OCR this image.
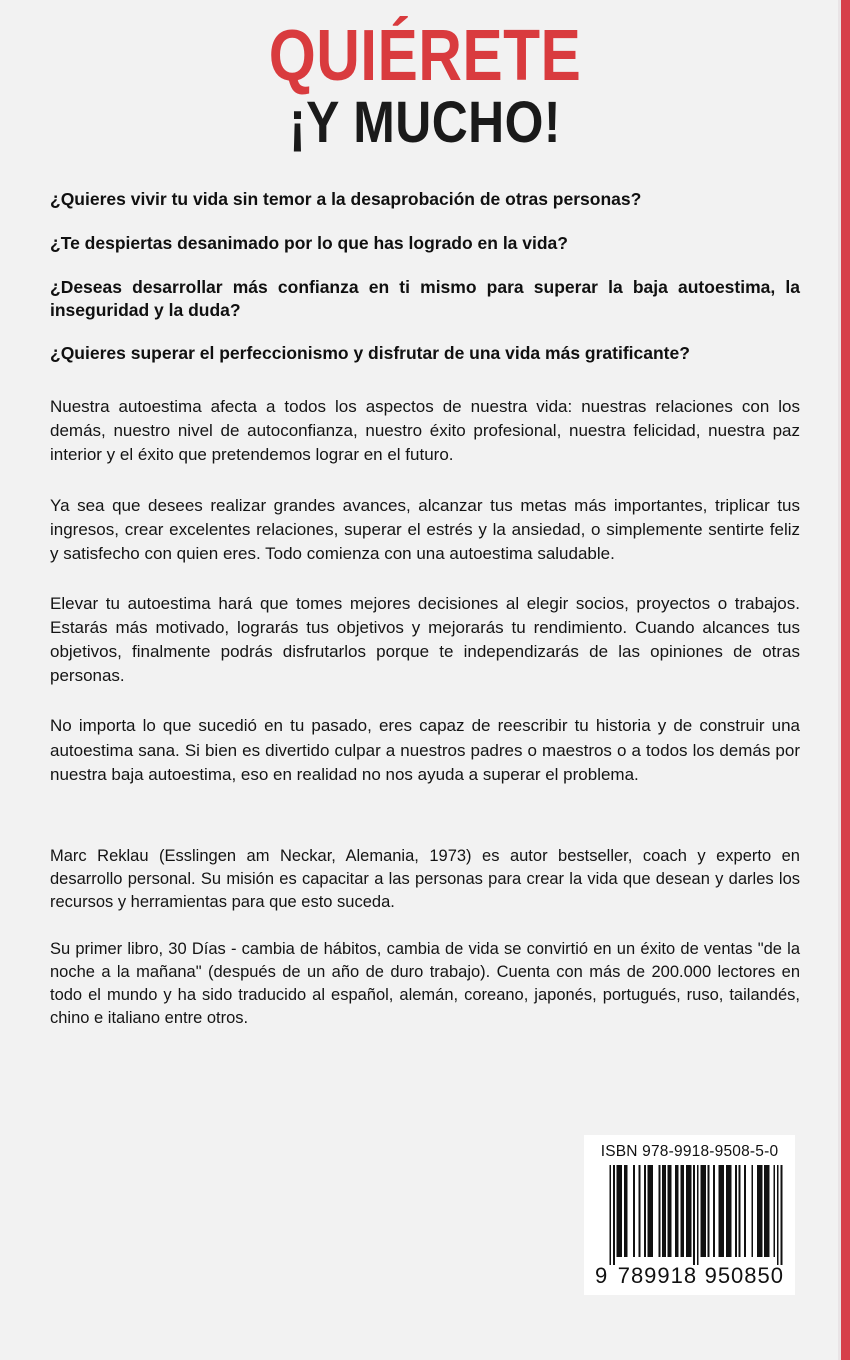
QUIÉRETE
¡Y MUCHO!

¿Quieres vivir tu vida sin temor a la desaprobación de otras personas?

¿Te despiertas desanimado por lo que has logrado en la vida?

¿Deseas desarrollar más confianza en ti mismo para superar la baja autoestima, la inseguridad y la duda?

¿Quieres superar el perfeccionismo y disfrutar de una vida más gratificante?

Nuestra autoestima afecta a todos los aspectos de nuestra vida: nuestras relaciones con los demás, nuestro nivel de autoconfianza, nuestro éxito profesional, nuestra felicidad, nuestra paz interior y el éxito que pretendemos lograr en el futuro.

Ya sea que desees realizar grandes avances, alcanzar tus metas más importantes, triplicar tus ingresos, crear excelentes relaciones, superar el estrés y la ansiedad, o simplemente sentirte feliz y satisfecho con quien eres. Todo comienza con una autoestima saludable.

Elevar tu autoestima hará que tomes mejores decisiones al elegir socios, proyectos o trabajos. Estarás más motivado, lograrás tus objetivos y mejorarás tu rendimiento. Cuando alcances tus objetivos, finalmente podrás disfrutarlos porque te independizarás de las opiniones de otras personas.

No importa lo que sucedió en tu pasado, eres capaz de reescribir tu historia y de construir una autoestima sana. Si bien es divertido culpar a nuestros padres o maestros o a todos los demás por nuestra baja autoestima, eso en realidad no nos ayuda a superar el problema.

Marc Reklau (Esslingen am Neckar, Alemania, 1973) es autor bestseller, coach y experto en desarrollo personal. Su misión es capacitar a las personas para crear la vida que desean y darles los recursos y herramientas para que esto suceda.

Su primer libro, 30 Días - cambia de hábitos, cambia de vida se convirtió en un éxito de ventas "de la noche a la mañana" (después de un año de duro trabajo). Cuenta con más de 200.000 lectores en todo el mundo y ha sido traducido al español, alemán, coreano, japonés, portugués, ruso, tailandés, chino e italiano entre otros.

ISBN 978-9918-9508-5-0
9 789918 950850
